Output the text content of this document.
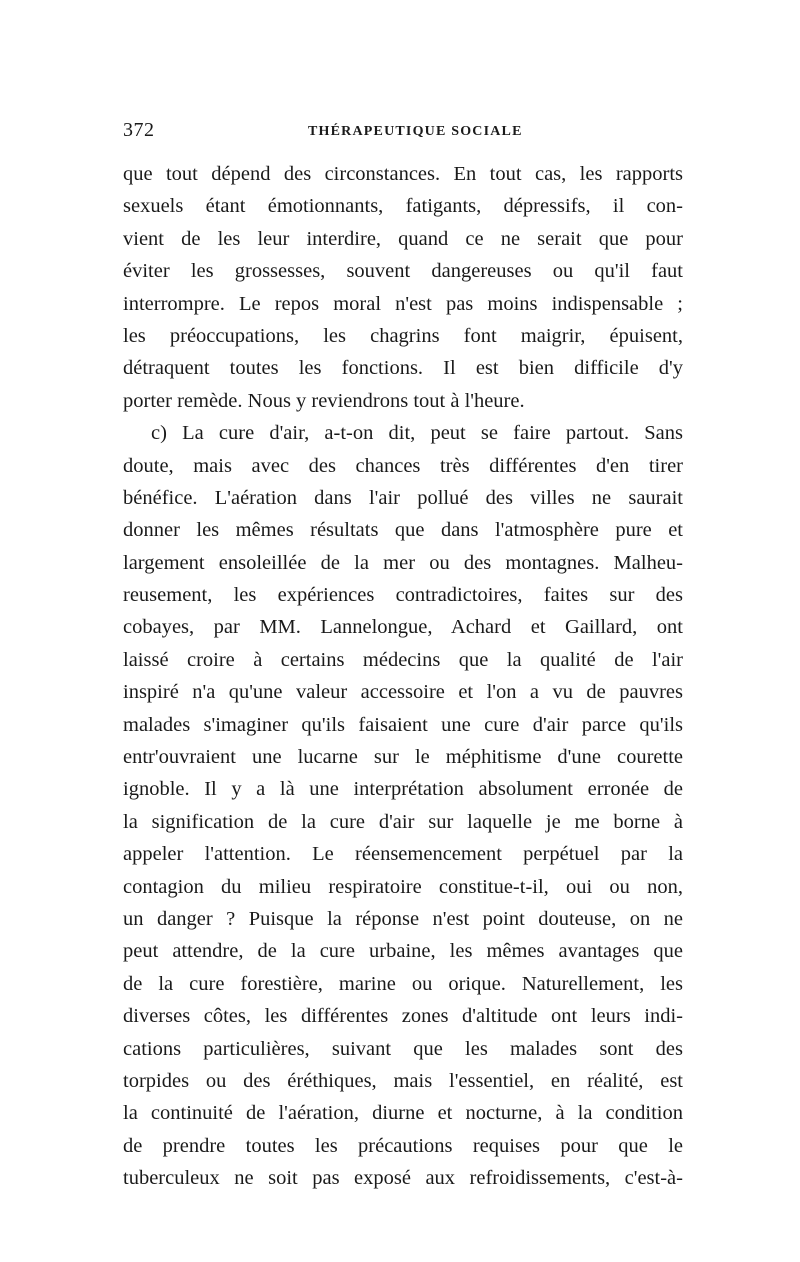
372	THÉRAPEUTIQUE SOCIALE
que tout dépend des circonstances. En tout cas, les rapports
sexuels étant émotionnants, fatigants, dépressifs, il con-
vient de les leur interdire, quand ce ne serait que pour
éviter les grossesses, souvent dangereuses ou qu'il faut
interrompre. Le repos moral n'est pas moins indispensable ;
les préoccupations, les chagrins font maigrir, épuisent,
détraquent toutes les fonctions. Il est bien difficile d'y
porter remède. Nous y reviendrons tout à l'heure.
c) La cure d'air, a-t-on dit, peut se faire partout. Sans
doute, mais avec des chances très différentes d'en tirer
bénéfice. L'aération dans l'air pollué des villes ne saurait
donner les mêmes résultats que dans l'atmosphère pure et
largement ensoleillée de la mer ou des montagnes. Malheu-
reusement, les expériences contradictoires, faites sur des
cobayes, par MM. Lannelongue, Achard et Gaillard, ont
laissé croire à certains médecins que la qualité de l'air
inspiré n'a qu'une valeur accessoire et l'on a vu de pauvres
malades s'imaginer qu'ils faisaient une cure d'air parce qu'ils
entr'ouvraient une lucarne sur le méphitisme d'une courette
ignoble. Il y a là une interprétation absolument erronée de
la signification de la cure d'air sur laquelle je me borne à
appeler l'attention. Le réensemencement perpétuel par la
contagion du milieu respiratoire constitue-t-il, oui ou non,
un danger ? Puisque la réponse n'est point douteuse, on ne
peut attendre, de la cure urbaine, les mêmes avantages que
de la cure forestière, marine ou orique. Naturellement, les
diverses côtes, les différentes zones d'altitude ont leurs indi-
cations particulières, suivant que les malades sont des
torpides ou des éréthiques, mais l'essentiel, en réalité, est
la continuité de l'aération, diurne et nocturne, à la condition
de prendre toutes les précautions requises pour que le
tuberculeux ne soit pas exposé aux refroidissements, c'est-à-
